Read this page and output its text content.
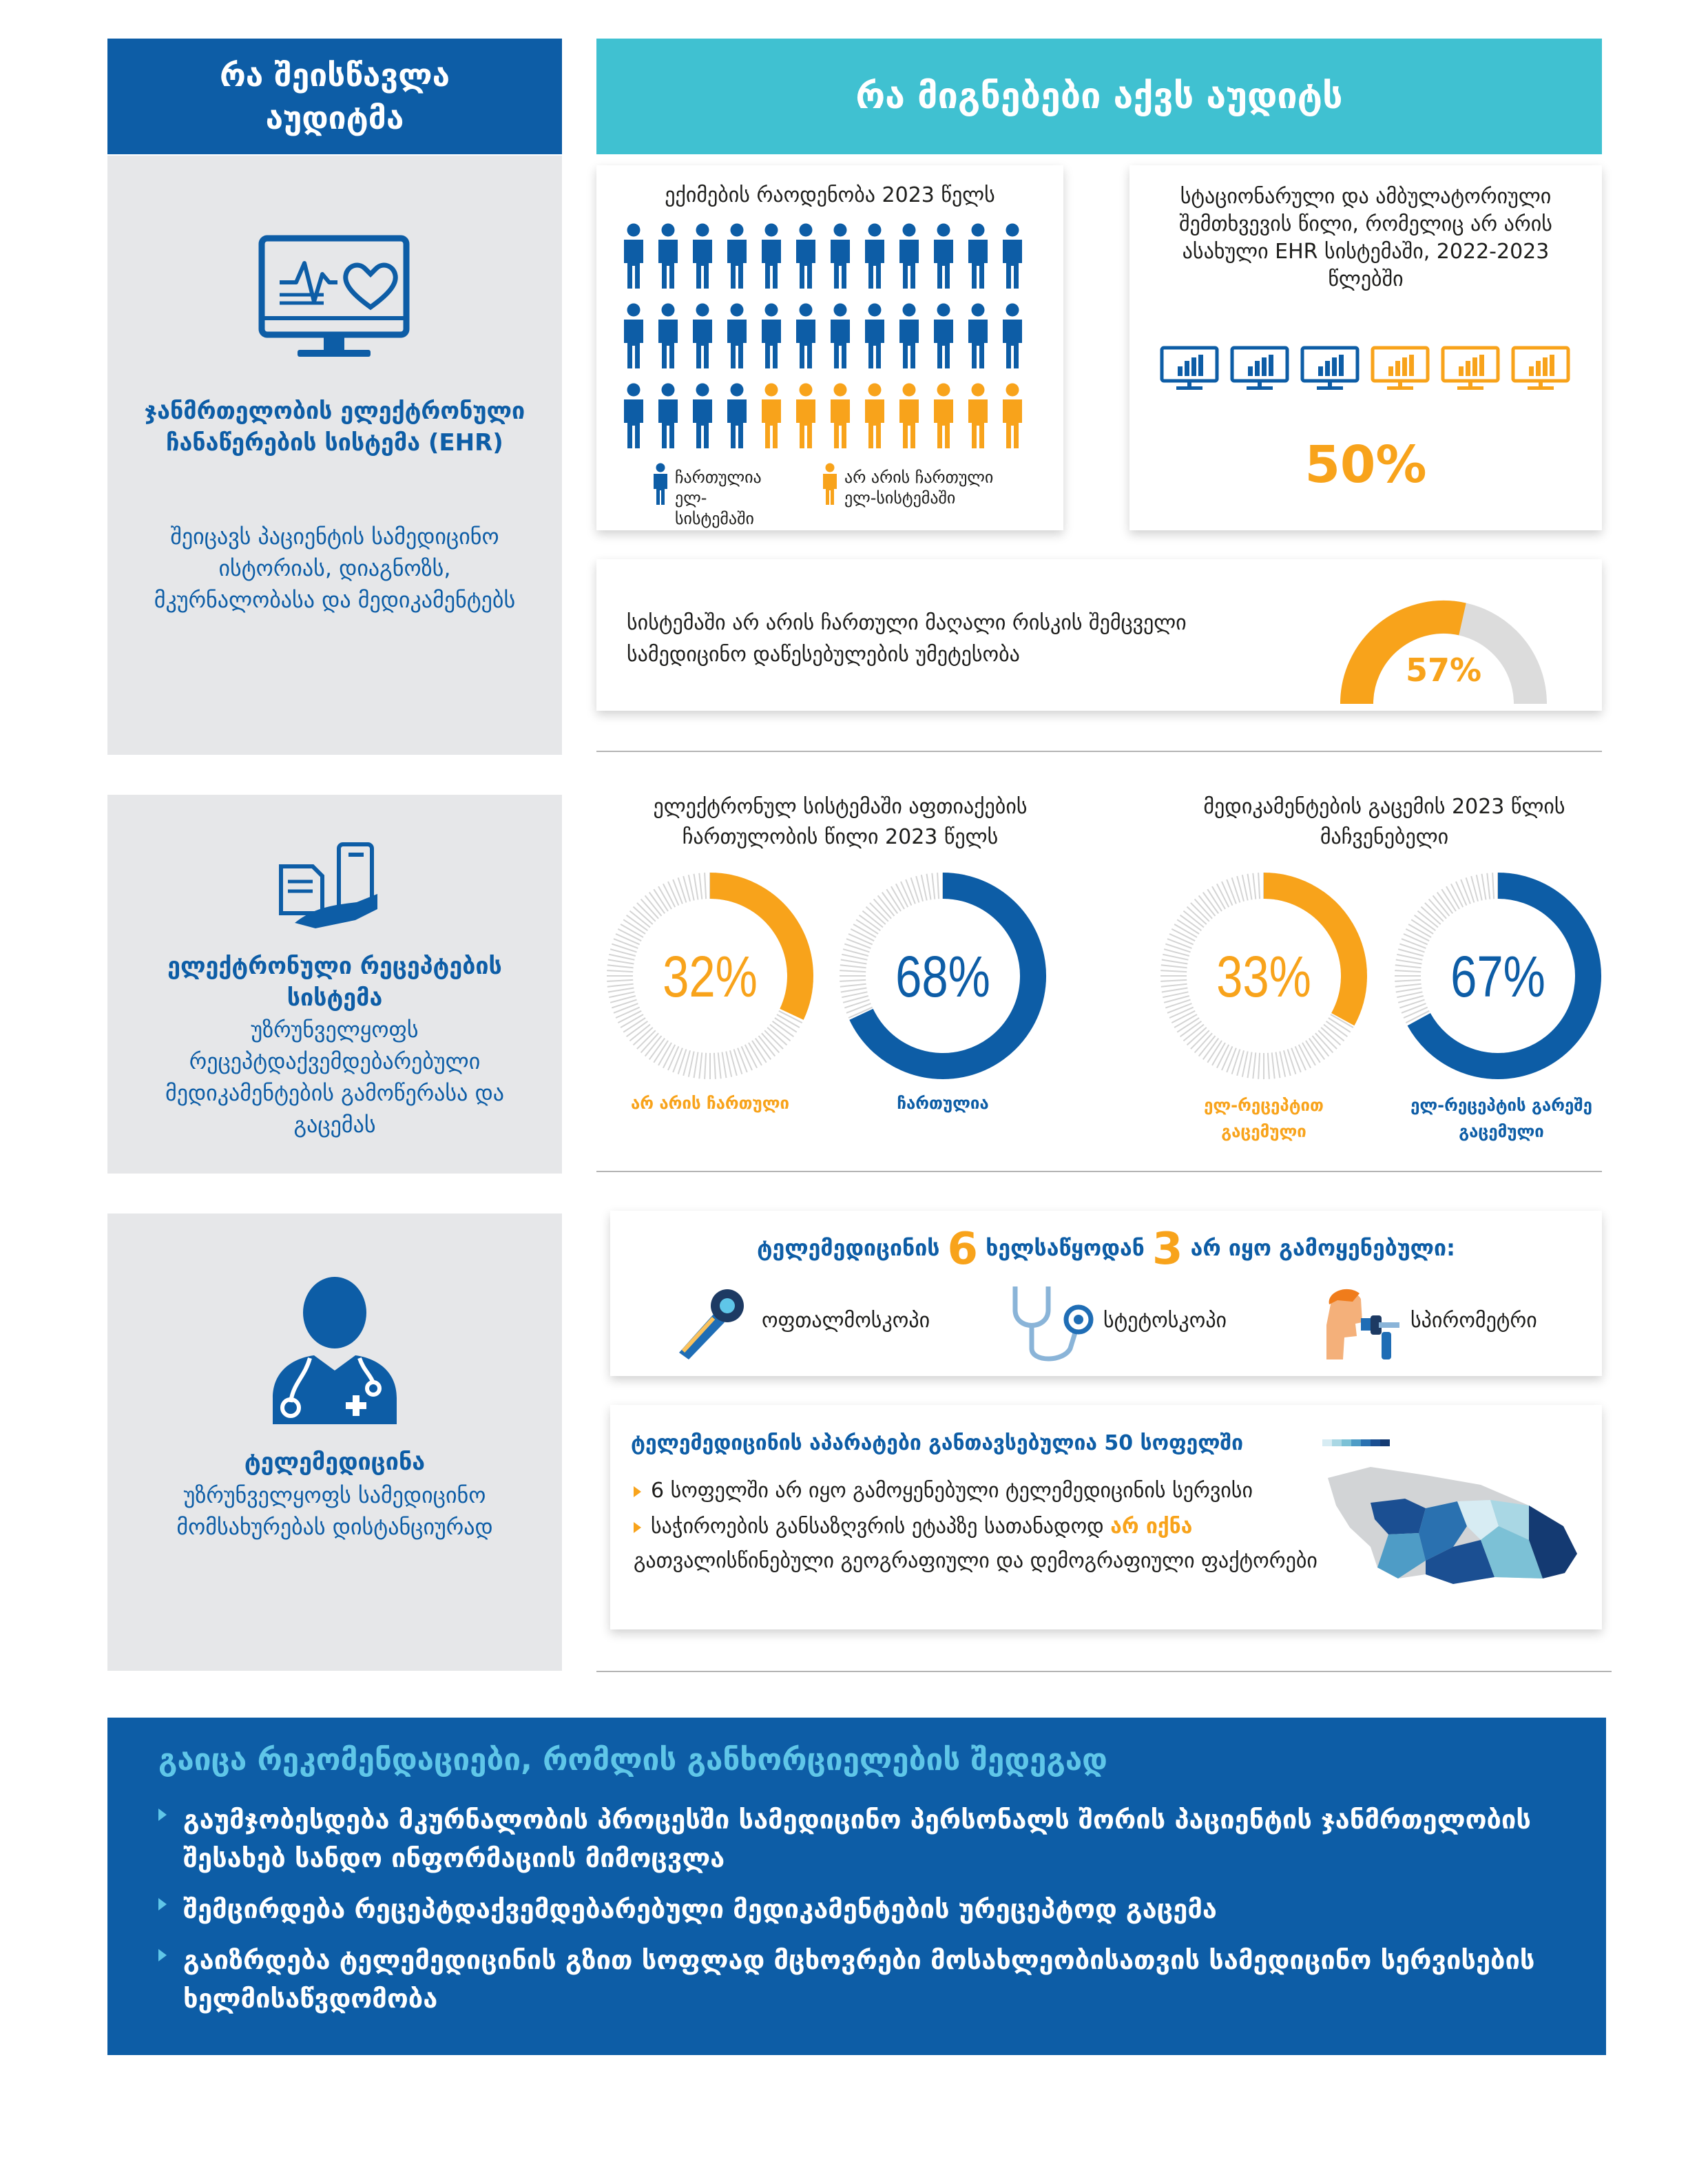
რა შეისწავლა აუდიტმა
რა მიგნებები აქვს აუდიტს
ჯანმრთელობის ელექტრონული ჩანაწერების სისტემა (EHR)
შეიცავს პაციენტის სამედიცინო ისტორიას, დიაგნოზს, მკურნალობასა და მედიკამენტებს
ელექტრონული რეცეპტების სისტემა
უზრუნველყოფს რეცეპტდაქვემდებარებული მედიკამენტების გამოწერასა და გაცემას
ტელემედიცინა
უზრუნველყოფს სამედიცინო მომსახურებას დისტანციურად
ექიმების რაოდენობა 2023 წელს
ჩართულია ელ-სისტემაში
არ არის ჩართული ელ-სისტემაში
სტაციონარული და ამბულატორიული შემთხვევის წილი, რომელიც არ არის ასახული EHR სისტემაში, 2022-2023 წლებში
50%
სისტემაში არ არის ჩართული მაღალი რისკის შემცველი სამედიცინო დაწესებულების უმეტესობა	57%
ელექტრონულ სისტემაში აფთიაქების ჩართულობის წილი 2023 წელს
32%
არ არის ჩართული
68%
ჩართულია
მედიკამენტების გაცემის 2023 წლის მაჩვენებელი
33%
ელ-რეცეპტით გაცემული
67%
ელ-რეცეპტის გარეშე გაცემული
ტელემედიცინის 6 ხელსაწყოდან 3 არ იყო გამოყენებული:
ოფთალმოსკოპი	სტეტოსკოპი	სპირომეტრი
ტელემედიცინის აპარატები განთავსებულია 50 სოფელში
6 სოფელში არ იყო გამოყენებული ტელემედიცინის სერვისი
საჭიროების განსაზღვრის ეტაპზე სათანადოდ არ იქნა გათვალისწინებული გეოგრაფიული და დემოგრაფიული ფაქტორები
გაიცა რეკომენდაციები, რომლის განხორციელების შედეგად
გაუმჯობესდება მკურნალობის პროცესში სამედიცინო პერსონალს შორის პაციენტის ჯანმრთელობის შესახებ სანდო ინფორმაციის მიმოცვლა
შემცირდება რეცეპტდაქვემდებარებული მედიკამენტების ურეცეპტოდ გაცემა
გაიზრდება ტელემედიცინის გზით სოფლად მცხოვრები მოსახლეობისათვის სამედიცინო სერვისების ხელმისაწვდომობა
